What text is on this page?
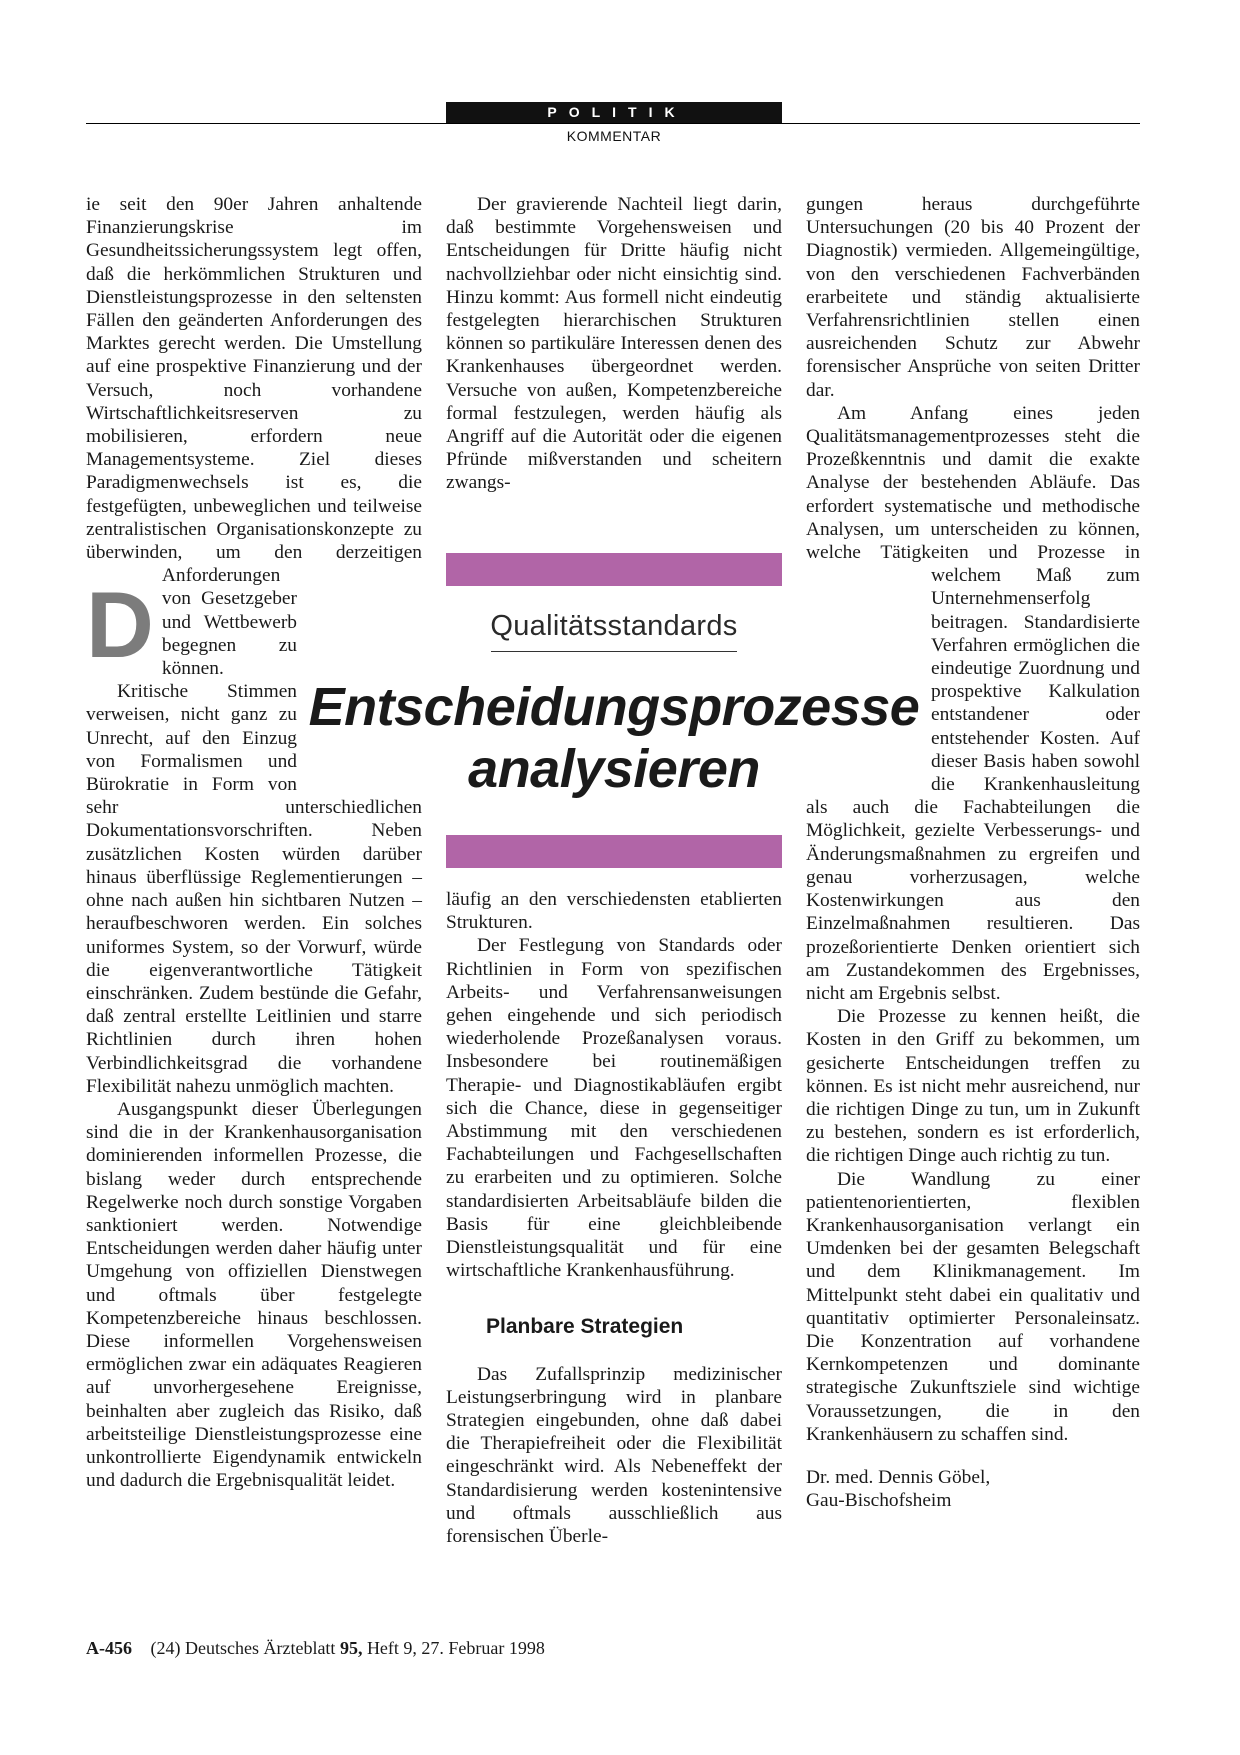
POLITIK
KOMMENTAR
D

ie seit den 90er Jahren anhaltende Finanzierungskrise im Gesundheitssicherungssystem legt offen, daß die herkömmlichen Strukturen und Dienstleistungsprozesse in den seltensten Fällen den geänderten Anforderungen des Marktes gerecht werden. Die Umstellung auf eine prospektive Finanzierung und der Versuch, noch vorhandene Wirtschaftlichkeitsreserven zu mobilisieren, erfordern neue Managementsysteme. Ziel dieses Paradigmenwechsels ist es, die festgefügten, unbeweglichen und teilweise zentralistischen Organisationskonzepte zu überwinden, um den derzeitigen Anforderungen von Gesetzgeber und Wettbewerb begegnen zu können.

Kritische Stimmen verweisen, nicht ganz zu Unrecht, auf den Einzug von Formalismen und Bürokratie in Form von sehr unterschiedlichen Dokumentationsvorschriften. Neben zusätzlichen Kosten würden darüber hinaus überflüssige Reglementierungen – ohne nach außen hin sichtbaren Nutzen – heraufbeschworen werden. Ein solches uniformes System, so der Vorwurf, würde die eigenverantwortliche Tätigkeit einschränken. Zudem bestünde die Gefahr, daß zentral erstellte Leitlinien und starre Richtlinien durch ihren hohen Verbindlichkeitsgrad die vorhandene Flexibilität nahezu unmöglich machten.

Ausgangspunkt dieser Überlegungen sind die in der Krankenhausorganisation dominierenden informellen Prozesse, die bislang weder durch entsprechende Regelwerke noch durch sonstige Vorgaben sanktioniert werden. Notwendige Entscheidungen werden daher häufig unter Umgehung von offiziellen Dienstwegen und oftmals über festgelegte Kompetenzbereiche hinaus beschlossen. Diese informellen Vorgehensweisen ermöglichen zwar ein adäquates Reagieren auf unvorhergesehene Ereignisse, beinhalten aber zugleich das Risiko, daß arbeitsteilige Dienstleistungsprozesse eine unkontrollierte Eigendynamik entwickeln und dadurch die Ergebnisqualität leidet.

Der gravierende Nachteil liegt darin, daß bestimmte Vorgehensweisen und Entscheidungen für Dritte häufig nicht nachvollziehbar oder nicht einsichtig sind. Hinzu kommt: Aus formell nicht eindeutig festgelegten hierarchischen Strukturen können so partikuläre Interessen denen des Krankenhauses übergeordnet werden. Versuche von außen, Kompetenzbereiche formal festzulegen, werden häufig als Angriff auf die Autorität oder die eigenen Pfründe mißverstanden und scheitern zwangs-

Qualitätsstandards
Entscheidungsprozesse
analysieren

läufig an den verschiedensten etablierten Strukturen.

Der Festlegung von Standards oder Richtlinien in Form von spezifischen Arbeits- und Verfahrensanweisungen gehen eingehende und sich periodisch wiederholende Prozeßanalysen voraus. Insbesondere bei routinemäßigen Therapie- und Diagnostikabläufen ergibt sich die Chance, diese in gegenseitiger Abstimmung mit den verschiedenen Fachabteilungen und Fachgesellschaften zu erarbeiten und zu optimieren. Solche standardisierten Arbeitsabläufe bilden die Basis für eine gleichbleibende Dienstleistungsqualität und für eine wirtschaftliche Krankenhausführung.

Planbare Strategien

Das Zufallsprinzip medizinischer Leistungserbringung wird in planbare Strategien eingebunden, ohne daß dabei die Therapiefreiheit oder die Flexibilität eingeschränkt wird. Als Nebeneffekt der Standardisierung werden kostenintensive und oftmals ausschließlich aus forensischen Überle-

gungen heraus durchgeführte Untersuchungen (20 bis 40 Prozent der Diagnostik) vermieden. Allgemeingültige, von den verschiedenen Fachverbänden erarbeitete und ständig aktualisierte Verfahrensrichtlinien stellen einen ausreichenden Schutz zur Abwehr forensischer Ansprüche von seiten Dritter dar.

Am Anfang eines jeden Qualitätsmanagementprozesses steht die Prozeßkenntnis und damit die exakte Analyse der bestehenden Abläufe. Das erfordert systematische und methodische Analysen, um unterscheiden zu können, welche Tätigkeiten und Prozesse in welchem Maß zum Unternehmenserfolg beitragen. Standardisierte Verfahren ermöglichen die eindeutige Zuordnung und prospektive Kalkulation entstandener oder entstehender Kosten. Auf dieser Basis haben sowohl die Krankenhausleitung als auch die Fachabteilungen die Möglichkeit, gezielte Verbesserungs- und Änderungsmaßnahmen zu ergreifen und genau vorherzusagen, welche Kostenwirkungen aus den Einzelmaßnahmen resultieren. Das prozeßorientierte Denken orientiert sich am Zustandekommen des Ergebnisses, nicht am Ergebnis selbst.

Die Prozesse zu kennen heißt, die Kosten in den Griff zu bekommen, um gesicherte Entscheidungen treffen zu können. Es ist nicht mehr ausreichend, nur die richtigen Dinge zu tun, um in Zukunft zu bestehen, sondern es ist erforderlich, die richtigen Dinge auch richtig zu tun.

Die Wandlung zu einer patientenorientierten, flexiblen Krankenhausorganisation verlangt ein Umdenken bei der gesamten Belegschaft und dem Klinikmanagement. Im Mittelpunkt steht dabei ein qualitativ und quantitativ optimierter Personaleinsatz. Die Konzentration auf vorhandene Kernkompetenzen und dominante strategische Zukunftsziele sind wichtige Voraussetzungen, die in den Krankenhäusern zu schaffen sind.

Dr. med. Dennis Göbel,
Gau-Bischofsheim
A-456 (24) Deutsches Ärzteblatt 95, Heft 9, 27. Februar 1998
